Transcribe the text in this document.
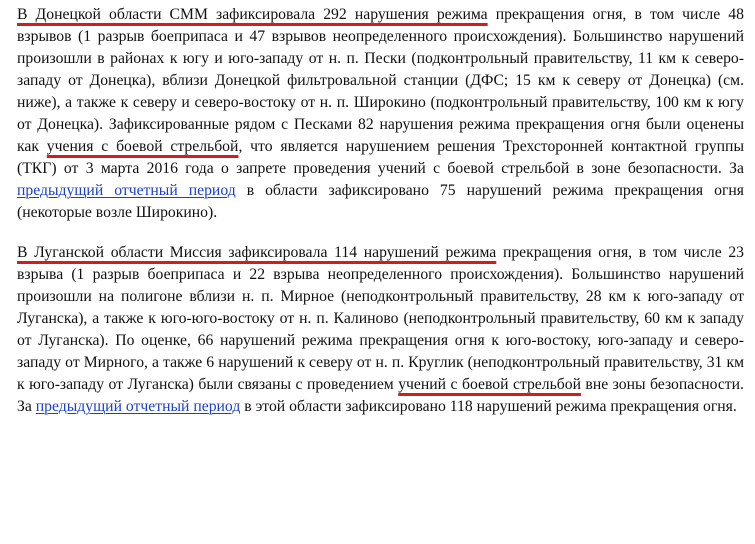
В Донецкой области СММ зафиксировала 292 нарушения режима прекращения огня, в том числе 48 взрывов (1 разрыв боеприпаса и 47 взрывов неопределенного происхождения). Большинство нарушений произошли в районах к югу и юго-западу от н. п. Пески (подконтрольный правительству, 11 км к северо-западу от Донецка), вблизи Донецкой фильтровальной станции (ДФС; 15 км к северу от Донецка) (см. ниже), а также к северу и северо-востоку от н. п. Широкино (подконтрольный правительству, 100 км к югу от Донецка). Зафиксированные рядом с Песками 82 нарушения режима прекращения огня были оценены как учения с боевой стрельбой, что является нарушением решения Трехсторонней контактной группы (ТКГ) от 3 марта 2016 года о запрете проведения учений с боевой стрельбой в зоне безопасности. За предыдущий отчетный период в области зафиксировано 75 нарушений режима прекращения огня (некоторые возле Широкино).

В Луганской области Миссия зафиксировала 114 нарушений режима прекращения огня, в том числе 23 взрыва (1 разрыв боеприпаса и 22 взрыва неопределенного происхождения). Большинство нарушений произошли на полигоне вблизи н. п. Мирное (неподконтрольный правительству, 28 км к юго-западу от Луганска), а также к юго-юго-востоку от н. п. Калиново (неподконтрольный правительству, 60 км к западу от Луганска). По оценке, 66 нарушений режима прекращения огня к юго-востоку, юго-западу и северо-западу от Мирного, а также 6 нарушений к северу от н. п. Круглик (неподконтрольный правительству, 31 км к юго-западу от Луганска) были связаны с проведением учений с боевой стрельбой вне зоны безопасности. За предыдущий отчетный период в этой области зафиксировано 118 нарушений режима прекращения огня.
